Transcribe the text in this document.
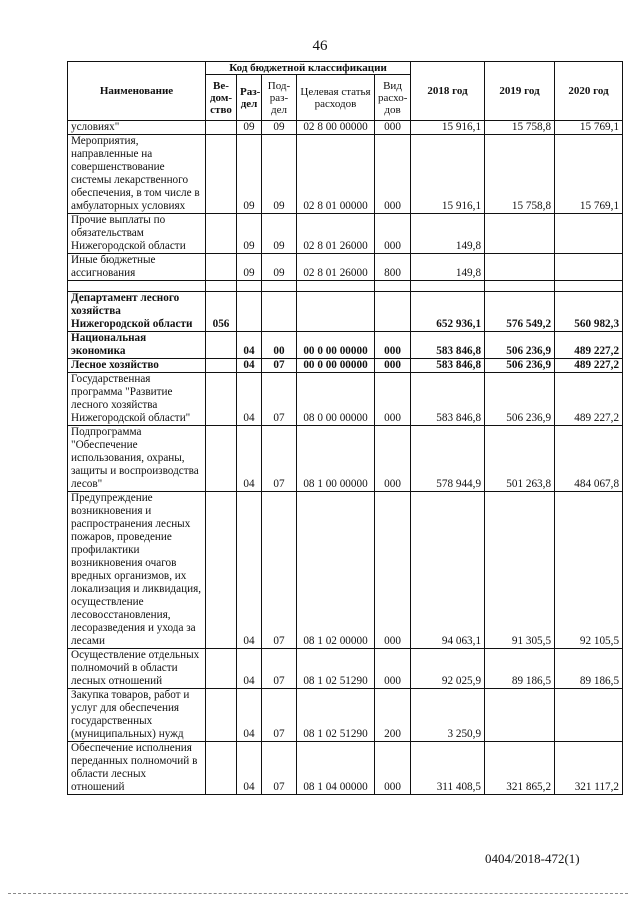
46
Наименование	Код бюджетной классификации					2018 год	2019 год	2020 год
	Ве-дом-ство	Раз-дел	Под-раз-дел	Целевая статья расходов	Вид расхо-дов			
условиях"		09	09	02 8 00 00000	000	15 916,1	15 758,8	15 769,1
Мероприятия, направленные на совершенствование системы лекарственного обеспечения, в том числе в амбулаторных условиях		09	09	02 8 01 00000	000	15 916,1	15 758,8	15 769,1
Прочие выплаты по обязательствам Нижегородской области		09	09	02 8 01 26000	000	149,8		
Иные бюджетные ассигнования		09	09	02 8 01 26000	800	149,8		

Департамент лесного хозяйства Нижегородской области	056					652 936,1	576 549,2	560 982,3
Национальная экономика		04	00	00 0 00 00000	000	583 846,8	506 236,9	489 227,2
Лесное хозяйство		04	07	00 0 00 00000	000	583 846,8	506 236,9	489 227,2
Государственная программа "Развитие лесного хозяйства Нижегородской области"		04	07	08 0 00 00000	000	583 846,8	506 236,9	489 227,2
Подпрограмма "Обеспечение использования, охраны, защиты и воспроизводства лесов"		04	07	08 1 00 00000	000	578 944,9	501 263,8	484 067,8
Предупреждение возникновения и распространения лесных пожаров, проведение профилактики возникновения очагов вредных организмов, их локализация и ликвидация, осуществление лесовосстановления, лесоразведения и ухода за лесами		04	07	08 1 02 00000	000	94 063,1	91 305,5	92 105,5
Осуществление отдельных полномочий в области лесных отношений		04	07	08 1 02 51290	000	92 025,9	89 186,5	89 186,5
Закупка товаров, работ и услуг для обеспечения государственных (муниципальных) нужд		04	07	08 1 02 51290	200	3 250,9		
Обеспечение исполнения переданных полномочий в области лесных отношений		04	07	08 1 04 00000	000	311 408,5	321 865,2	321 117,2
0404/2018-472(1)
